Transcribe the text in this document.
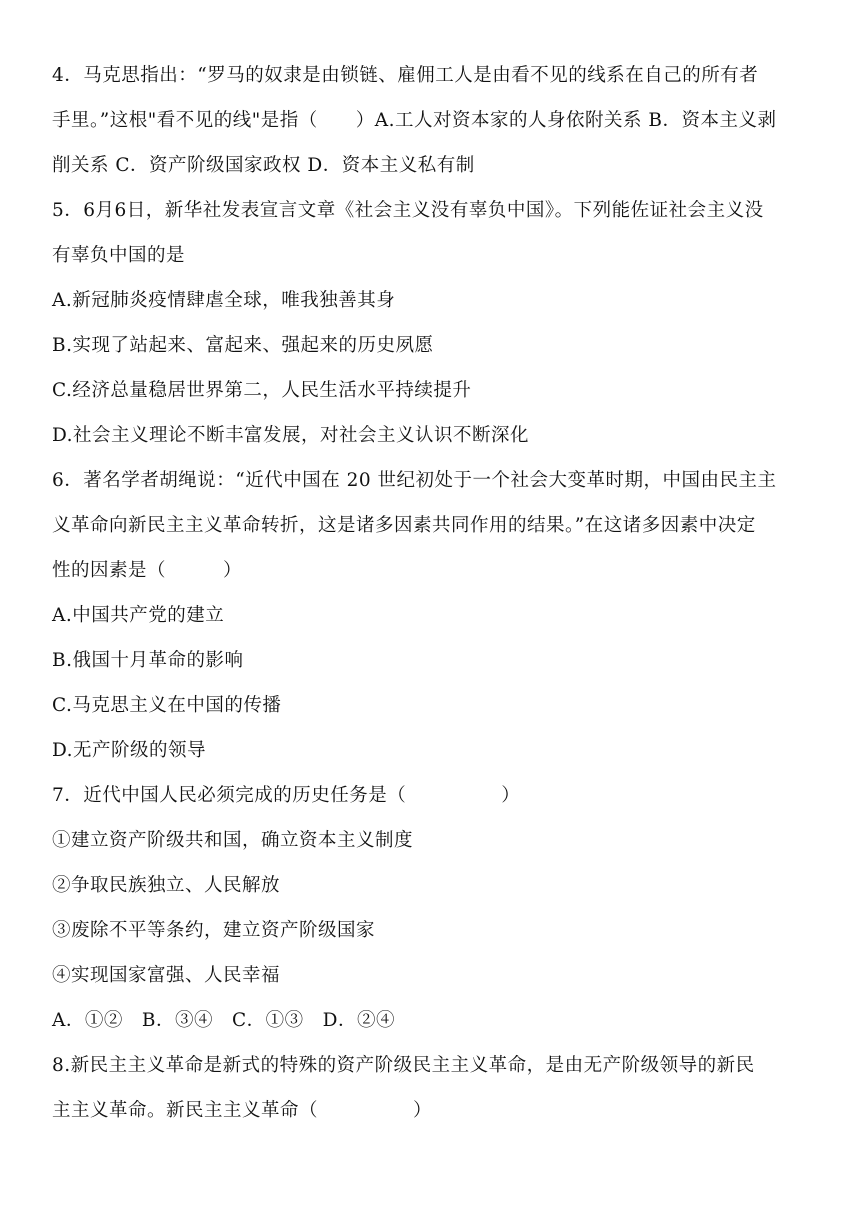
4．马克思指出：“罗马的奴隶是由锁链、雇佣工人是由看不见的线系在自己的所有者
手里。”这根"看不见的线"是指（　　）A.工人对资本家的人身依附关系 B．资本主义剥
削关系 C．资产阶级国家政权 D．资本主义私有制
5．6月6日，新华社发表宣言文章《社会主义没有辜负中国》。下列能佐证社会主义没
有辜负中国的是
A.新冠肺炎疫情肆虐全球，唯我独善其身
B.实现了站起来、富起来、强起来的历史夙愿
C.经济总量稳居世界第二，人民生活水平持续提升
D.社会主义理论不断丰富发展，对社会主义认识不断深化
6．著名学者胡绳说：“近代中国在 20 世纪初处于一个社会大变革时期，中国由民主主
义革命向新民主主义革命转折，这是诸多因素共同作用的结果。”在这诸多因素中决定
性的因素是（　　　）
A.中国共产党的建立
B.俄国十月革命的影响
C.马克思主义在中国的传播
D.无产阶级的领导
7．近代中国人民必须完成的历史任务是（　　　　　）
①建立资产阶级共和国，确立资本主义制度
②争取民族独立、人民解放
③废除不平等条约，建立资产阶级国家
④实现国家富强、人民幸福
A．①②　B．③④　C．①③　D．②④
8.新民主主义革命是新式的特殊的资产阶级民主主义革命，是由无产阶级领导的新民
主主义革命。新民主主义革命（　　　　　）
